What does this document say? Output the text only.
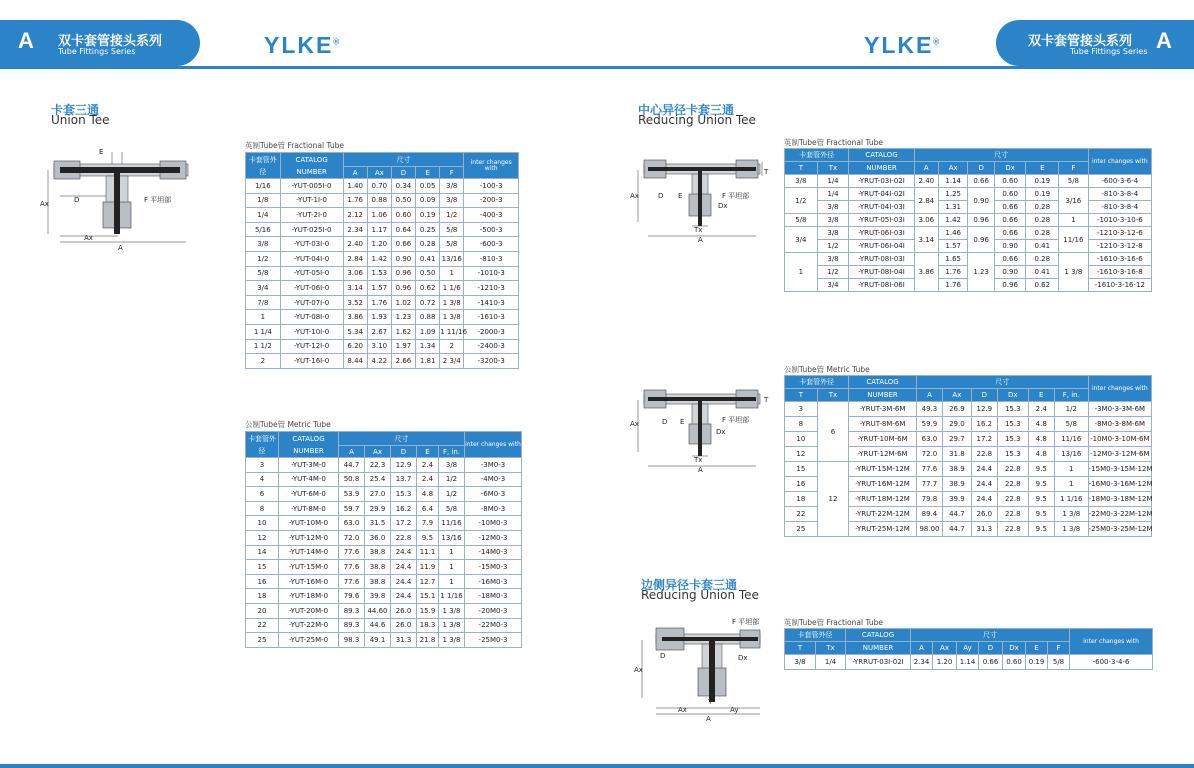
A 双卡套管接头系列
Tube Fittings Series	YLKE®	YLKE®	双卡套管接头系列
Tube Fittings Series A
卡套三通
Union Tee
E
D	F 平坦部
Ax
Ax
A
英制Tube管 Fractional Tube
卡套管外径	CATALOG NUMBER	尺寸					inter changes with
		A	Ax	D	E	F	
1/16	-YUT-005I-0	1.40	0.70	0.34	0.05	3/8	-100-3
1/8	-YUT-1I-0	1.76	0.88	0.50	0.09	3/8	-200-3
1/4	-YUT-2I-0	2.12	1.06	0.60	0.19	1/2	-400-3
5/16	-YUT-025I-0	2.34	1.17	0.64	0.25	5/8	-500-3
3/8	-YUT-03I-0	2.40	1.20	0.66	0.28	5/8	-600-3
1/2	-YUT-04I-0	2.84	1.42	0.90	0.41	13/16	-810-3
5/8	-YUT-05I-0	3.06	1.53	0.96	0.50	1	-1010-3
3/4	-YUT-06I-0	3.14	1.57	0.96	0.62	1 1/6	-1210-3
7/8	-YUT-07I-0	3.52	1.76	1.02	0.72	1 3/8	-1410-3
1	-YUT-08I-0	3.86	1.93	1.23	0.88	1 3/8	-1610-3
1 1/4	-YUT-10I-0	5.34	2.67	1.62	1.09	1 11/16	-2000-3
1 1/2	-YUT-12I-0	6.20	3.10	1.97	1.34	2	-2400-3
2	-YUT-16I-0	8.44	4.22	2.66	1.81	2 3/4	-3200-3
公制Tube管 Metric Tube
卡套管外径	CATALOG NUMBER	尺寸					inter changes with
		A	Ax	D	E	F, in.	
3	-YUT-3M-0	44.7	22.3	12.9	2.4	3/8	-3M0-3
4	-YUT-4M-0	50.8	25.4	13.7	2.4	1/2	-4M0-3
6	-YUT-6M-0	53.9	27.0	15.3	4.8	1/2	-6M0-3
8	-YUT-8M-0	59.7	29.9	16.2	6.4	5/8	-8M0-3
10	-YUT-10M-0	63.0	31.5	17.2	7.9	11/16	-10M0-3
12	-YUT-12M-0	72.0	36.0	22.8	9.5	13/16	-12M0-3
14	-YUT-14M-0	77.6	38.8	24.4	11.1	1	-14M0-3
15	-YUT-15M-0	77.6	38.8	24.4	11.9	1	-15M0-3
16	-YUT-16M-0	77.6	38.8	24.4	12.7	1	-16M0-3
18	-YUT-18M-0	79.6	39.8	24.4	15.1	1 1/16	-18M0-3
20	-YUT-20M-0	89.3	44.60	26.0	15.9	1 3/8	-20M0-3
22	-YUT-22M-0	89.3	44.6	26.0	18.3	1 3/8	-22M0-3
25	-YUT-25M-0	98.3	49.1	31.3	21.8	1 3/8	-25M0-3
中心异径卡套三通
Reducing Union Tee
T
D E
Dx
F 平坦部
Ax
Tx
A
英制Tube管 Fractional Tube
卡套管外径		CATALOG	尺寸						inter changes with
T	Tx	NUMBER	A	Ax	D	Dx	E	F	
3/8	1/4	-YRUT-03I-02I	2.40	1.14	0.66	0.60	0.19	5/8	-600-3-6-4
1/2	1/4	-YRUT-04I-02I	2.84	1.25	0.90	0.60	0.19	3/16	-810-3-8-4
	3/8	-YRUT-04I-03I		1.31		0.66	0.28		-810-3-8-4
5/8	3/8	-YRUT-05I-03I	3.06	1.42	0.96	0.66	0.28	1	-1010-3-10-6
3/4	3/8	-YRUT-06I-03I	3.14	1.46	0.96	0.66	0.28	11/16	-1210-3-12-6
	1/2	-YRUT-06I-04I		1.57		0.90	0.41		-1210-3-12-8
1	3/8	-YRUT-08I-03I	3.86	1.65	1.23	0.66	0.28	1 3/8	-1610-3-16-6
	1/2	-YRUT-08I-04I		1.76		0.90	0.41		-1610-3-16-8
	3/4	-YRUT-08I-06I		1.76		0.96	0.62		-1610-3-16-12
T
D E
Dx
F 平坦部
Ax
Tx
A
公制Tube管 Metric Tube
卡套管外径		CATALOG	尺寸						inter changes with
T	Tx	NUMBER	A	Ax	D	Dx	E	F, in.	
3	6	-YRUT-3M-6M	49.3	26.9	12.9	15.3	2.4	1/2	-3M0-3-3M-6M
8		-YRUT-8M-6M	59.9	29.0	16.2	15.3	4.8	5/8	-8M0-3-8M-6M
10		-YRUT-10M-6M	63.0	29.7	17.2	15.3	4.8	11/16	-10M0-3-10M-6M
12		-YRUT-12M-6M	72.0	31.8	22.8	15.3	4.8	13/16	-12M0-3-12M-6M
15	12	-YRUT-15M-12M	77.6	38.9	24.4	22.8	9.5	1	-15M0-3-15M-12M
16		-YRUT-16M-12M	77.7	38.9	24.4	22.8	9.5	1	-16M0-3-16M-12M
18		-YRUT-18M-12M	79.8	39.9	24.4	22.8	9.5	1 1/16	-18M0-3-18M-12M
22		-YRUT-22M-12M	89.4	44.7	26.0	22.8	9.5	1 3/8	-22M0-3-22M-12M
25		-YRUT-25M-12M	98.00	44.7	31.3	22.8	9.5	1 3/8	-25M0-3-25M-12M
边侧异径卡套三通
Reducing Union Tee
F 平坦部
D	Dx
Ax
T
Ax	Ay
A
英制Tube管 Fractional Tube
卡套管外径		CATALOG	尺寸							inter changes with
T	Tx	NUMBER	A	Ax	Ay	D	Dx	E	F	
3/8	1/4	-YRRUT-03I-02I	2.34	1.20	1.14	0.66	0.60	0.19	5/8	-600-3-4-6
